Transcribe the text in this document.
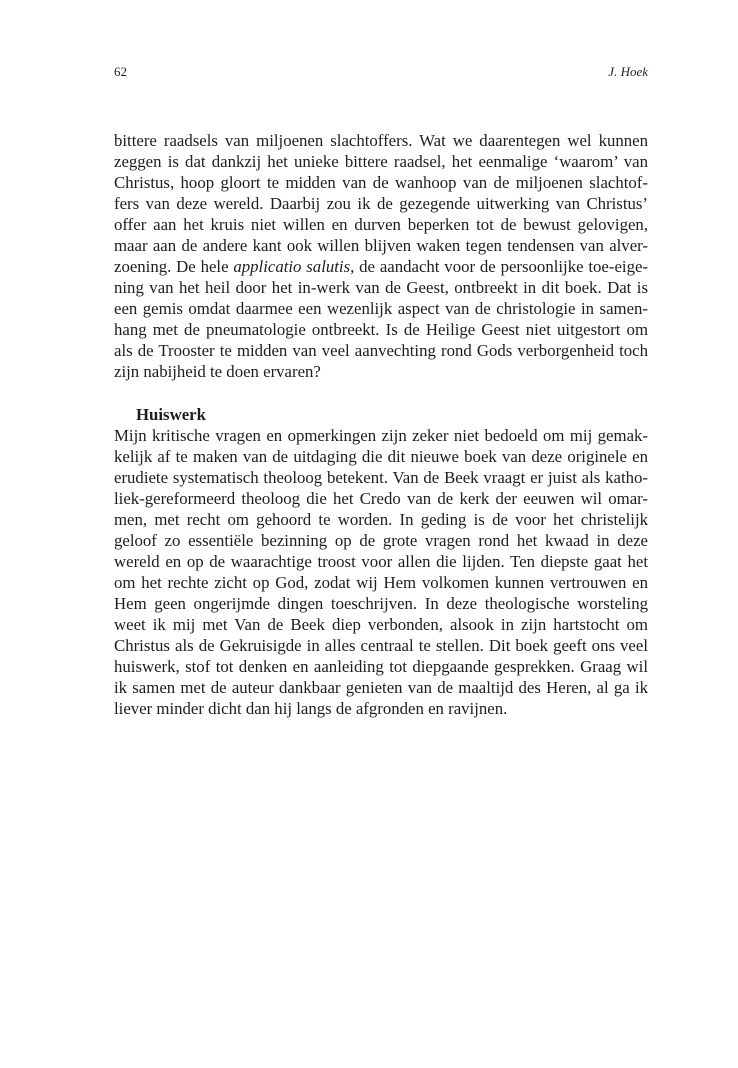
62	J. Hoek
bittere raadsels van miljoenen slachtoffers. Wat we daarentegen wel kunnen
zeggen is dat dankzij het unieke bittere raadsel, het eenmalige ‘waarom’ van
Christus, hoop gloort te midden van de wanhoop van de miljoenen slachtof-
fers van deze wereld. Daarbij zou ik de gezegende uitwerking van Christus’
offer aan het kruis niet willen en durven beperken tot de bewust gelovigen,
maar aan de andere kant ook willen blijven waken tegen tendensen van alver-
zoening. De hele applicatio salutis, de aandacht voor de persoonlijke toe-eige-
ning van het heil door het in-werk van de Geest, ontbreekt in dit boek. Dat is
een gemis omdat daarmee een wezenlijk aspect van de christologie in samen-
hang met de pneumatologie ontbreekt. Is de Heilige Geest niet uitgestort om
als de Trooster te midden van veel aanvechting rond Gods verborgenheid toch
zijn nabijheid te doen ervaren?
Huiswerk
Mijn kritische vragen en opmerkingen zijn zeker niet bedoeld om mij gemak-
kelijk af te maken van de uitdaging die dit nieuwe boek van deze originele en
erudiete systematisch theoloog betekent. Van de Beek vraagt er juist als katho-
liek-gereformeerd theoloog die het Credo van de kerk der eeuwen wil omar-
men, met recht om gehoord te worden. In geding is de voor het christelijk
geloof zo essentiële bezinning op de grote vragen rond het kwaad in deze
wereld en op de waarachtige troost voor allen die lijden. Ten diepste gaat het
om het rechte zicht op God, zodat wij Hem volkomen kunnen vertrouwen en
Hem geen ongerijmde dingen toeschrijven. In deze theologische worsteling
weet ik mij met Van de Beek diep verbonden, alsook in zijn hartstocht om
Christus als de Gekruisigde in alles centraal te stellen. Dit boek geeft ons veel
huiswerk, stof tot denken en aanleiding tot diepgaande gesprekken. Graag wil
ik samen met de auteur dankbaar genieten van de maaltijd des Heren, al ga ik
liever minder dicht dan hij langs de afgronden en ravijnen.
